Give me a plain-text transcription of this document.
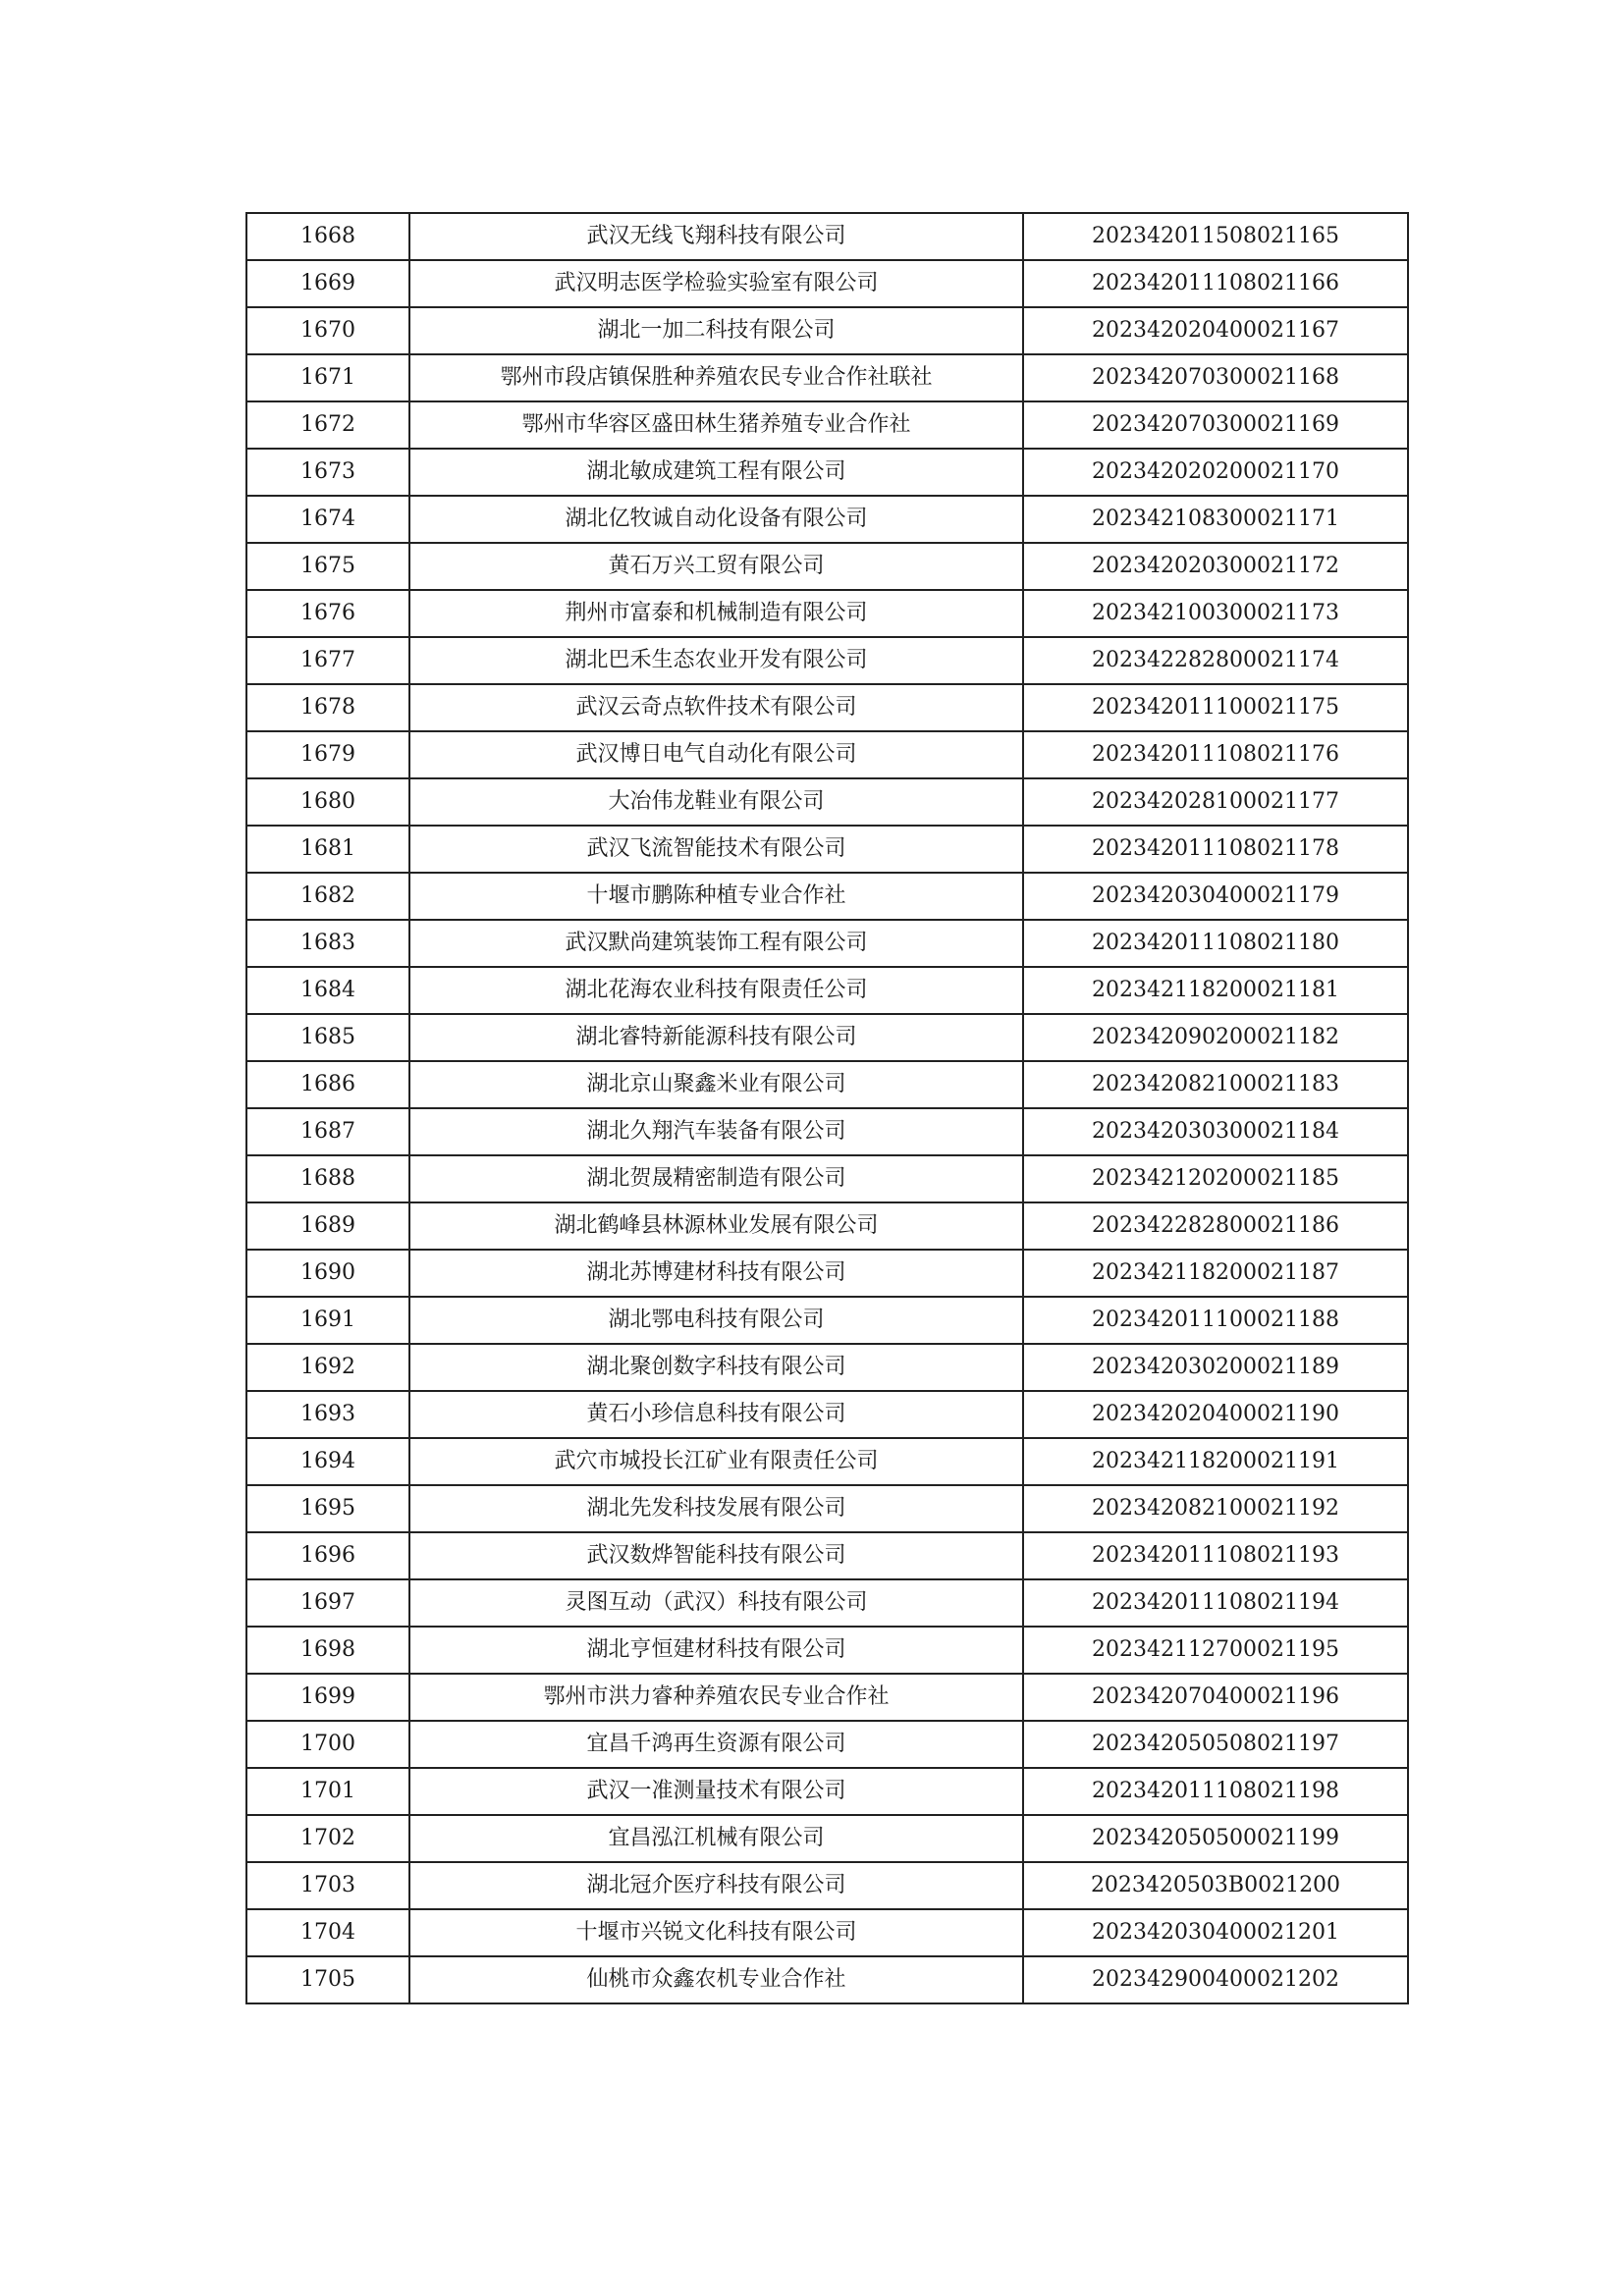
1668	武汉无线飞翔科技有限公司	202342011508021165
1669	武汉明志医学检验实验室有限公司	202342011108021166
1670	湖北一加二科技有限公司	202342020400021167
1671	鄂州市段店镇保胜种养殖农民专业合作社联社	202342070300021168
1672	鄂州市华容区盛田林生猪养殖专业合作社	202342070300021169
1673	湖北敏成建筑工程有限公司	202342020200021170
1674	湖北亿牧诚自动化设备有限公司	202342108300021171
1675	黄石万兴工贸有限公司	202342020300021172
1676	荆州市富泰和机械制造有限公司	202342100300021173
1677	湖北巴禾生态农业开发有限公司	202342282800021174
1678	武汉云奇点软件技术有限公司	202342011100021175
1679	武汉博日电气自动化有限公司	202342011108021176
1680	大冶伟龙鞋业有限公司	202342028100021177
1681	武汉飞流智能技术有限公司	202342011108021178
1682	十堰市鹏陈种植专业合作社	202342030400021179
1683	武汉默尚建筑装饰工程有限公司	202342011108021180
1684	湖北花海农业科技有限责任公司	202342118200021181
1685	湖北睿特新能源科技有限公司	202342090200021182
1686	湖北京山聚鑫米业有限公司	202342082100021183
1687	湖北久翔汽车装备有限公司	202342030300021184
1688	湖北贺晟精密制造有限公司	202342120200021185
1689	湖北鹤峰县林源林业发展有限公司	202342282800021186
1690	湖北苏博建材科技有限公司	202342118200021187
1691	湖北鄂电科技有限公司	202342011100021188
1692	湖北聚创数字科技有限公司	202342030200021189
1693	黄石小珍信息科技有限公司	202342020400021190
1694	武穴市城投长江矿业有限责任公司	202342118200021191
1695	湖北先发科技发展有限公司	202342082100021192
1696	武汉数烨智能科技有限公司	202342011108021193
1697	灵图互动（武汉）科技有限公司	202342011108021194
1698	湖北亨恒建材科技有限公司	202342112700021195
1699	鄂州市洪力睿种养殖农民专业合作社	202342070400021196
1700	宜昌千鸿再生资源有限公司	202342050508021197
1701	武汉一准测量技术有限公司	202342011108021198
1702	宜昌泓江机械有限公司	202342050500021199
1703	湖北冠介医疗科技有限公司	2023420503B0021200
1704	十堰市兴锐文化科技有限公司	202342030400021201
1705	仙桃市众鑫农机专业合作社	202342900400021202
